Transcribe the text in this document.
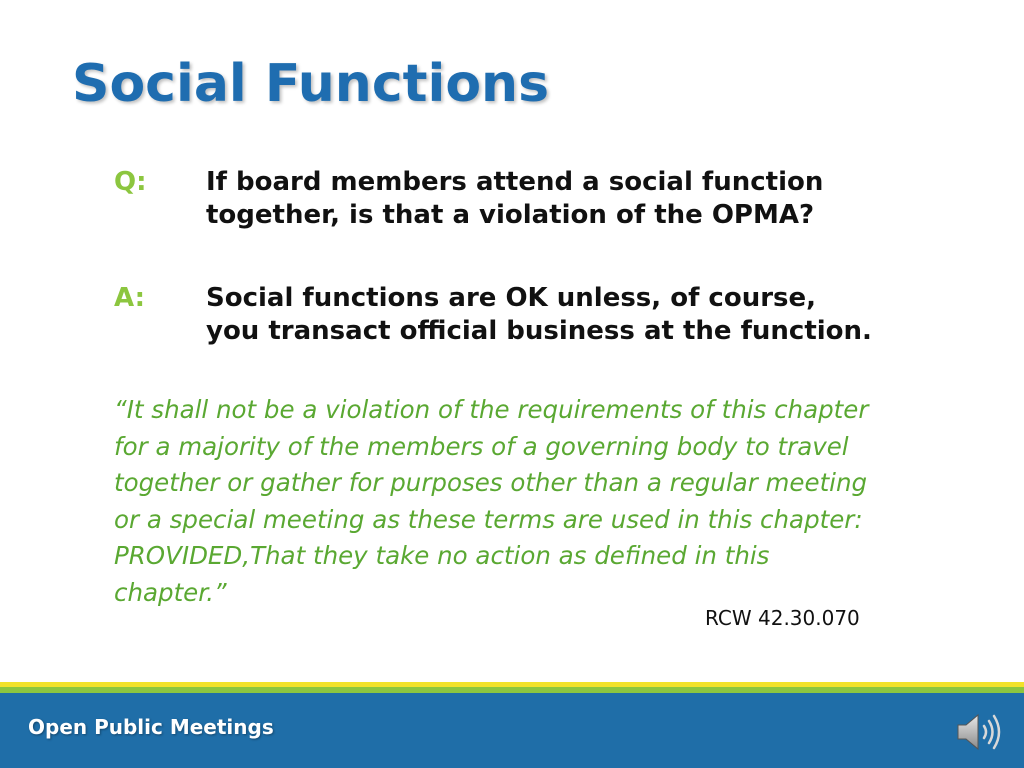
Social Functions
Q: If board members attend a social function
together, is that a violation of the OPMA?
A: Social functions are OK unless, of course,
you transact official business at the function.
“It shall not be a violation of the requirements of this chapter
for a majority of the members of a governing body to travel
together or gather for purposes other than a regular meeting
or a special meeting as these terms are used in this chapter:
PROVIDED,That they take no action as defined in this
chapter.”
RCW 42.30.070
Open Public Meetings
